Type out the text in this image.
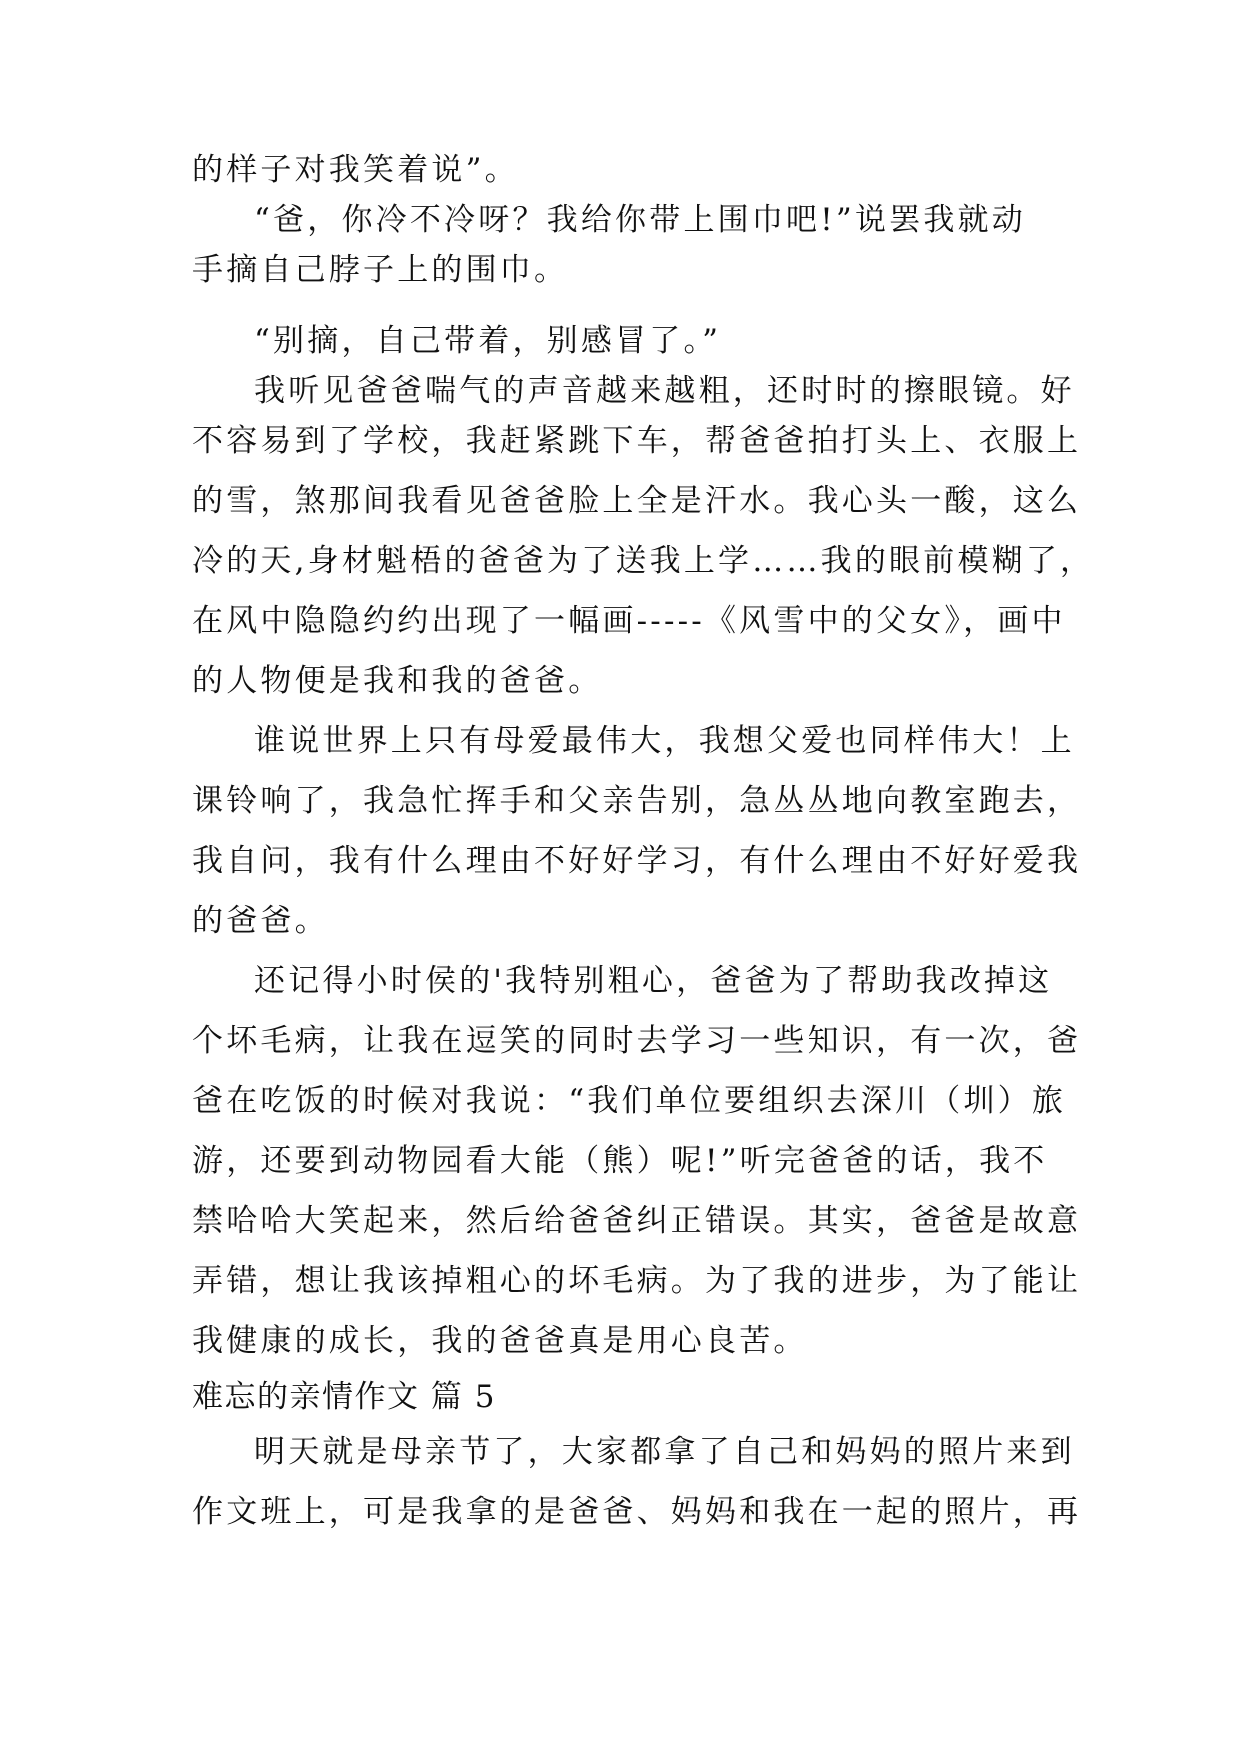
的样子对我笑着说”。
“爸，你冷不冷呀？我给你带上围巾吧!”说罢我就动
手摘自己脖子上的围巾。
“别摘，自己带着，别感冒了。”
我听见爸爸喘气的声音越来越粗，还时时的擦眼镜。好
不容易到了学校，我赶紧跳下车，帮爸爸拍打头上、衣服上
的雪，煞那间我看见爸爸脸上全是汗水。我心头一酸，这么
冷的天,身材魁梧的爸爸为了送我上学……我的眼前模糊了，
在风中隐隐约约出现了一幅画-----《风雪中的父女》，画中
的人物便是我和我的爸爸。
谁说世界上只有母爱最伟大，我想父爱也同样伟大！上
课铃响了，我急忙挥手和父亲告别，急丛丛地向教室跑去，
我自问，我有什么理由不好好学习，有什么理由不好好爱我
的爸爸。
还记得小时侯的'我特别粗心，爸爸为了帮助我改掉这
个坏毛病，让我在逗笑的同时去学习一些知识，有一次，爸
爸在吃饭的时候对我说：“我们单位要组织去深川（圳）旅
游，还要到动物园看大能（熊）呢!”听完爸爸的话，我不
禁哈哈大笑起来，然后给爸爸纠正错误。其实，爸爸是故意
弄错，想让我该掉粗心的坏毛病。为了我的进步，为了能让
我健康的成长，我的爸爸真是用心良苦。
难忘的亲情作文 篇 5
明天就是母亲节了，大家都拿了自己和妈妈的照片来到
作文班上，可是我拿的是爸爸、妈妈和我在一起的照片，再
